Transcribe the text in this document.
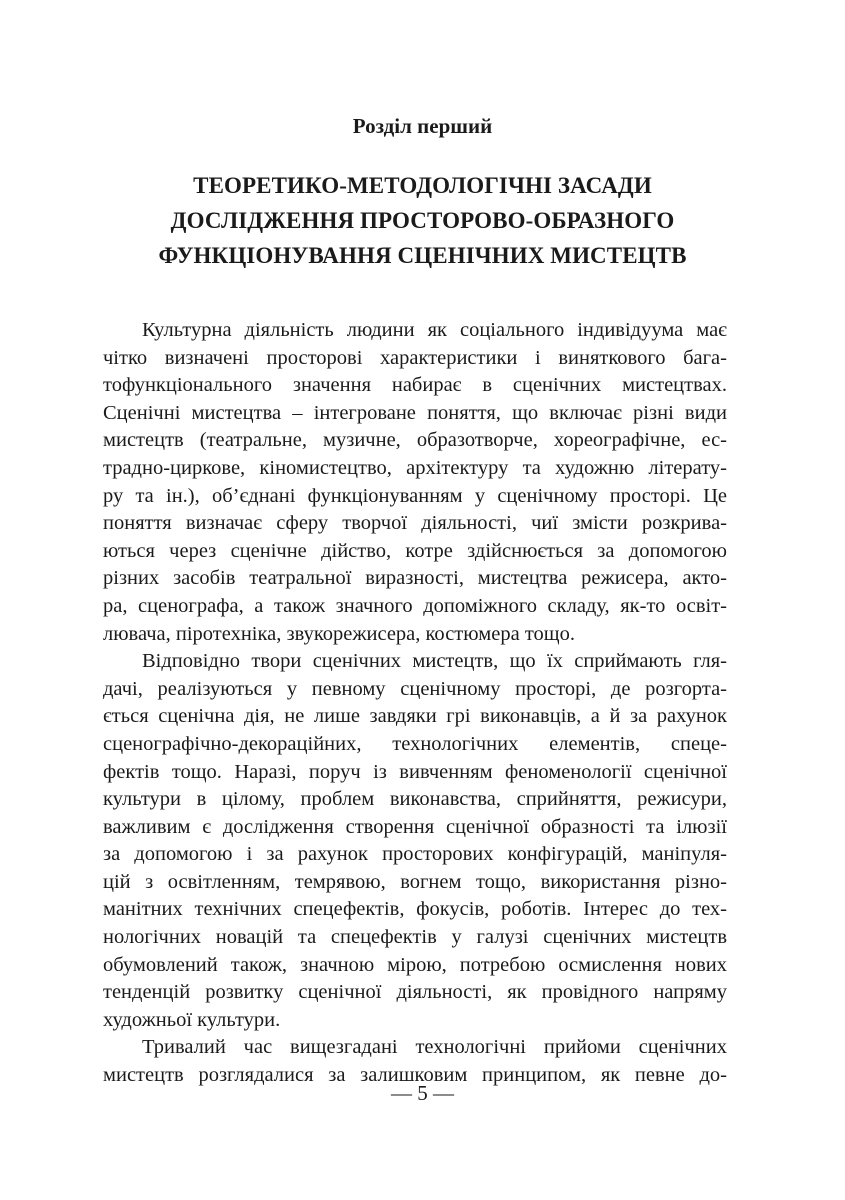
Розділ перший
ТЕОРЕТИКО-МЕТОДОЛОГІЧНІ ЗАСАДИ
ДОСЛІДЖЕННЯ ПРОСТОРОВО-ОБРАЗНОГО
ФУНКЦІОНУВАННЯ СЦЕНІЧНИХ МИСТЕЦТВ

Культурна діяльність людини як соціального індивідуума має
чітко визначені просторові характеристики і виняткового бага-
тофункціонального значення набирає в сценічних мистецтвах.
Сценічні мистецтва – інтегроване поняття, що включає різні види
мистецтв (театральне, музичне, образотворче, хореографічне, ес-
традно-циркове, кіномистецтво, архітектуру та художню літерату-
ру та ін.), об’єднані функціонуванням у сценічному просторі. Це
поняття визначає сферу творчої діяльності, чиї змісти розкрива-
ються через сценічне дійство, котре здійснюється за допомогою
різних засобів театральної виразності, мистецтва режисера, акто-
ра, сценографа, а також значного допоміжного складу, як-то освіт-
лювача, піротехніка, звукорежисера, костюмера тощо.

Відповідно твори сценічних мистецтв, що їх сприймають гля-
дачі, реалізуються у певному сценічному просторі, де розгорта-
ється сценічна дія, не лише завдяки грі виконавців, а й за рахунок
сценографічно-декораційних, технологічних елементів, спеце-
фектів тощо. Наразі, поруч із вивченням феноменології сценічної
культури в цілому, проблем виконавства, сприйняття, режисури,
важливим є дослідження створення сценічної образності та ілюзії
за допомогою і за рахунок просторових конфігурацій, маніпуля-
цій з освітленням, темрявою, вогнем тощо, використання різно-
манітних технічних спецефектів, фокусів, роботів. Інтерес до тех-
нологічних новацій та спецефектів у галузі сценічних мистецтв
обумовлений також, значною мірою, потребою осмислення нових
тенденцій розвитку сценічної діяльності, як провідного напряму
художньої культури.

Тривалий час вищезгадані технологічні прийоми сценічних
мистецтв розглядалися за залишковим принципом, як певне до-

— 5 —
